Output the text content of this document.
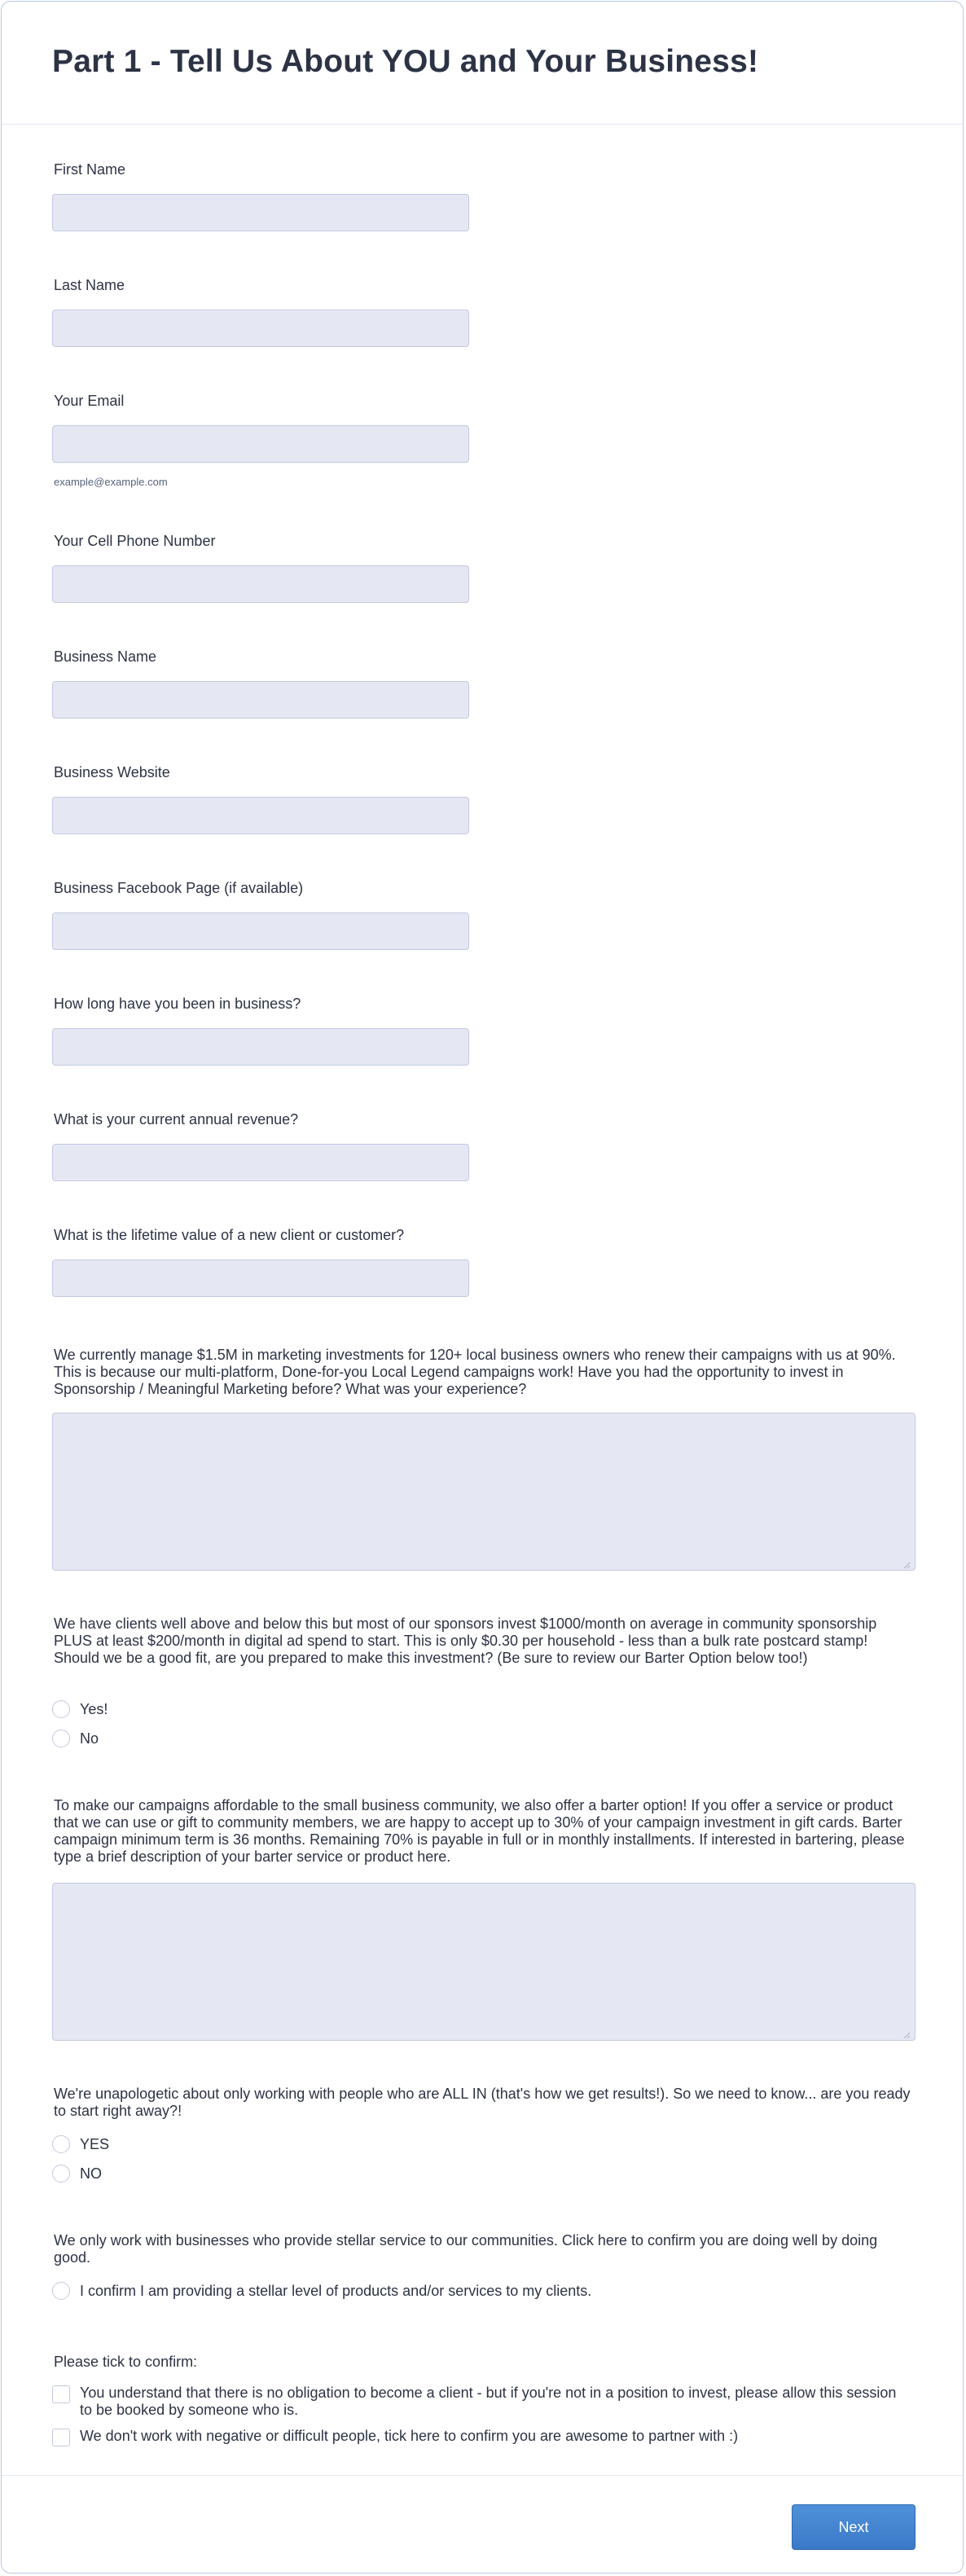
Part 1 - Tell Us About YOU and Your Business!

First Name

Last Name

Your Email

example@example.com

Your Cell Phone Number

Business Name

Business Website

Business Facebook Page (if available)

How long have you been in business?

What is your current annual revenue?

What is the lifetime value of a new client or customer?

We currently manage $1.5M in marketing investments for 120+ local business owners who renew their campaigns with us at 90%. This is because our multi-platform, Done-for-you Local Legend campaigns work! Have you had the opportunity to invest in Sponsorship / Meaningful Marketing before? What was your experience?

We have clients well above and below this but most of our sponsors invest $1000/month on average in community sponsorship PLUS at least $200/month in digital ad spend to start. This is only $0.30 per household - less than a bulk rate postcard stamp! Should we be a good fit, are you prepared to make this investment? (Be sure to review our Barter Option below too!)

Yes!
No

To make our campaigns affordable to the small business community, we also offer a barter option! If you offer a service or product that we can use or gift to community members, we are happy to accept up to 30% of your campaign investment in gift cards. Barter campaign minimum term is 36 months. Remaining 70% is payable in full or in monthly installments. If interested in bartering, please type a brief description of your barter service or product here.

We're unapologetic about only working with people who are ALL IN (that's how we get results!). So we need to know... are you ready to start right away?!

YES
NO

We only work with businesses who provide stellar service to our communities. Click here to confirm you are doing well by doing good.

I confirm I am providing a stellar level of products and/or services to my clients.

Please tick to confirm:

You understand that there is no obligation to become a client - but if you're not in a position to invest, please allow this session to be booked by someone who is.
We don't work with negative or difficult people, tick here to confirm you are awesome to partner with :)
Next
